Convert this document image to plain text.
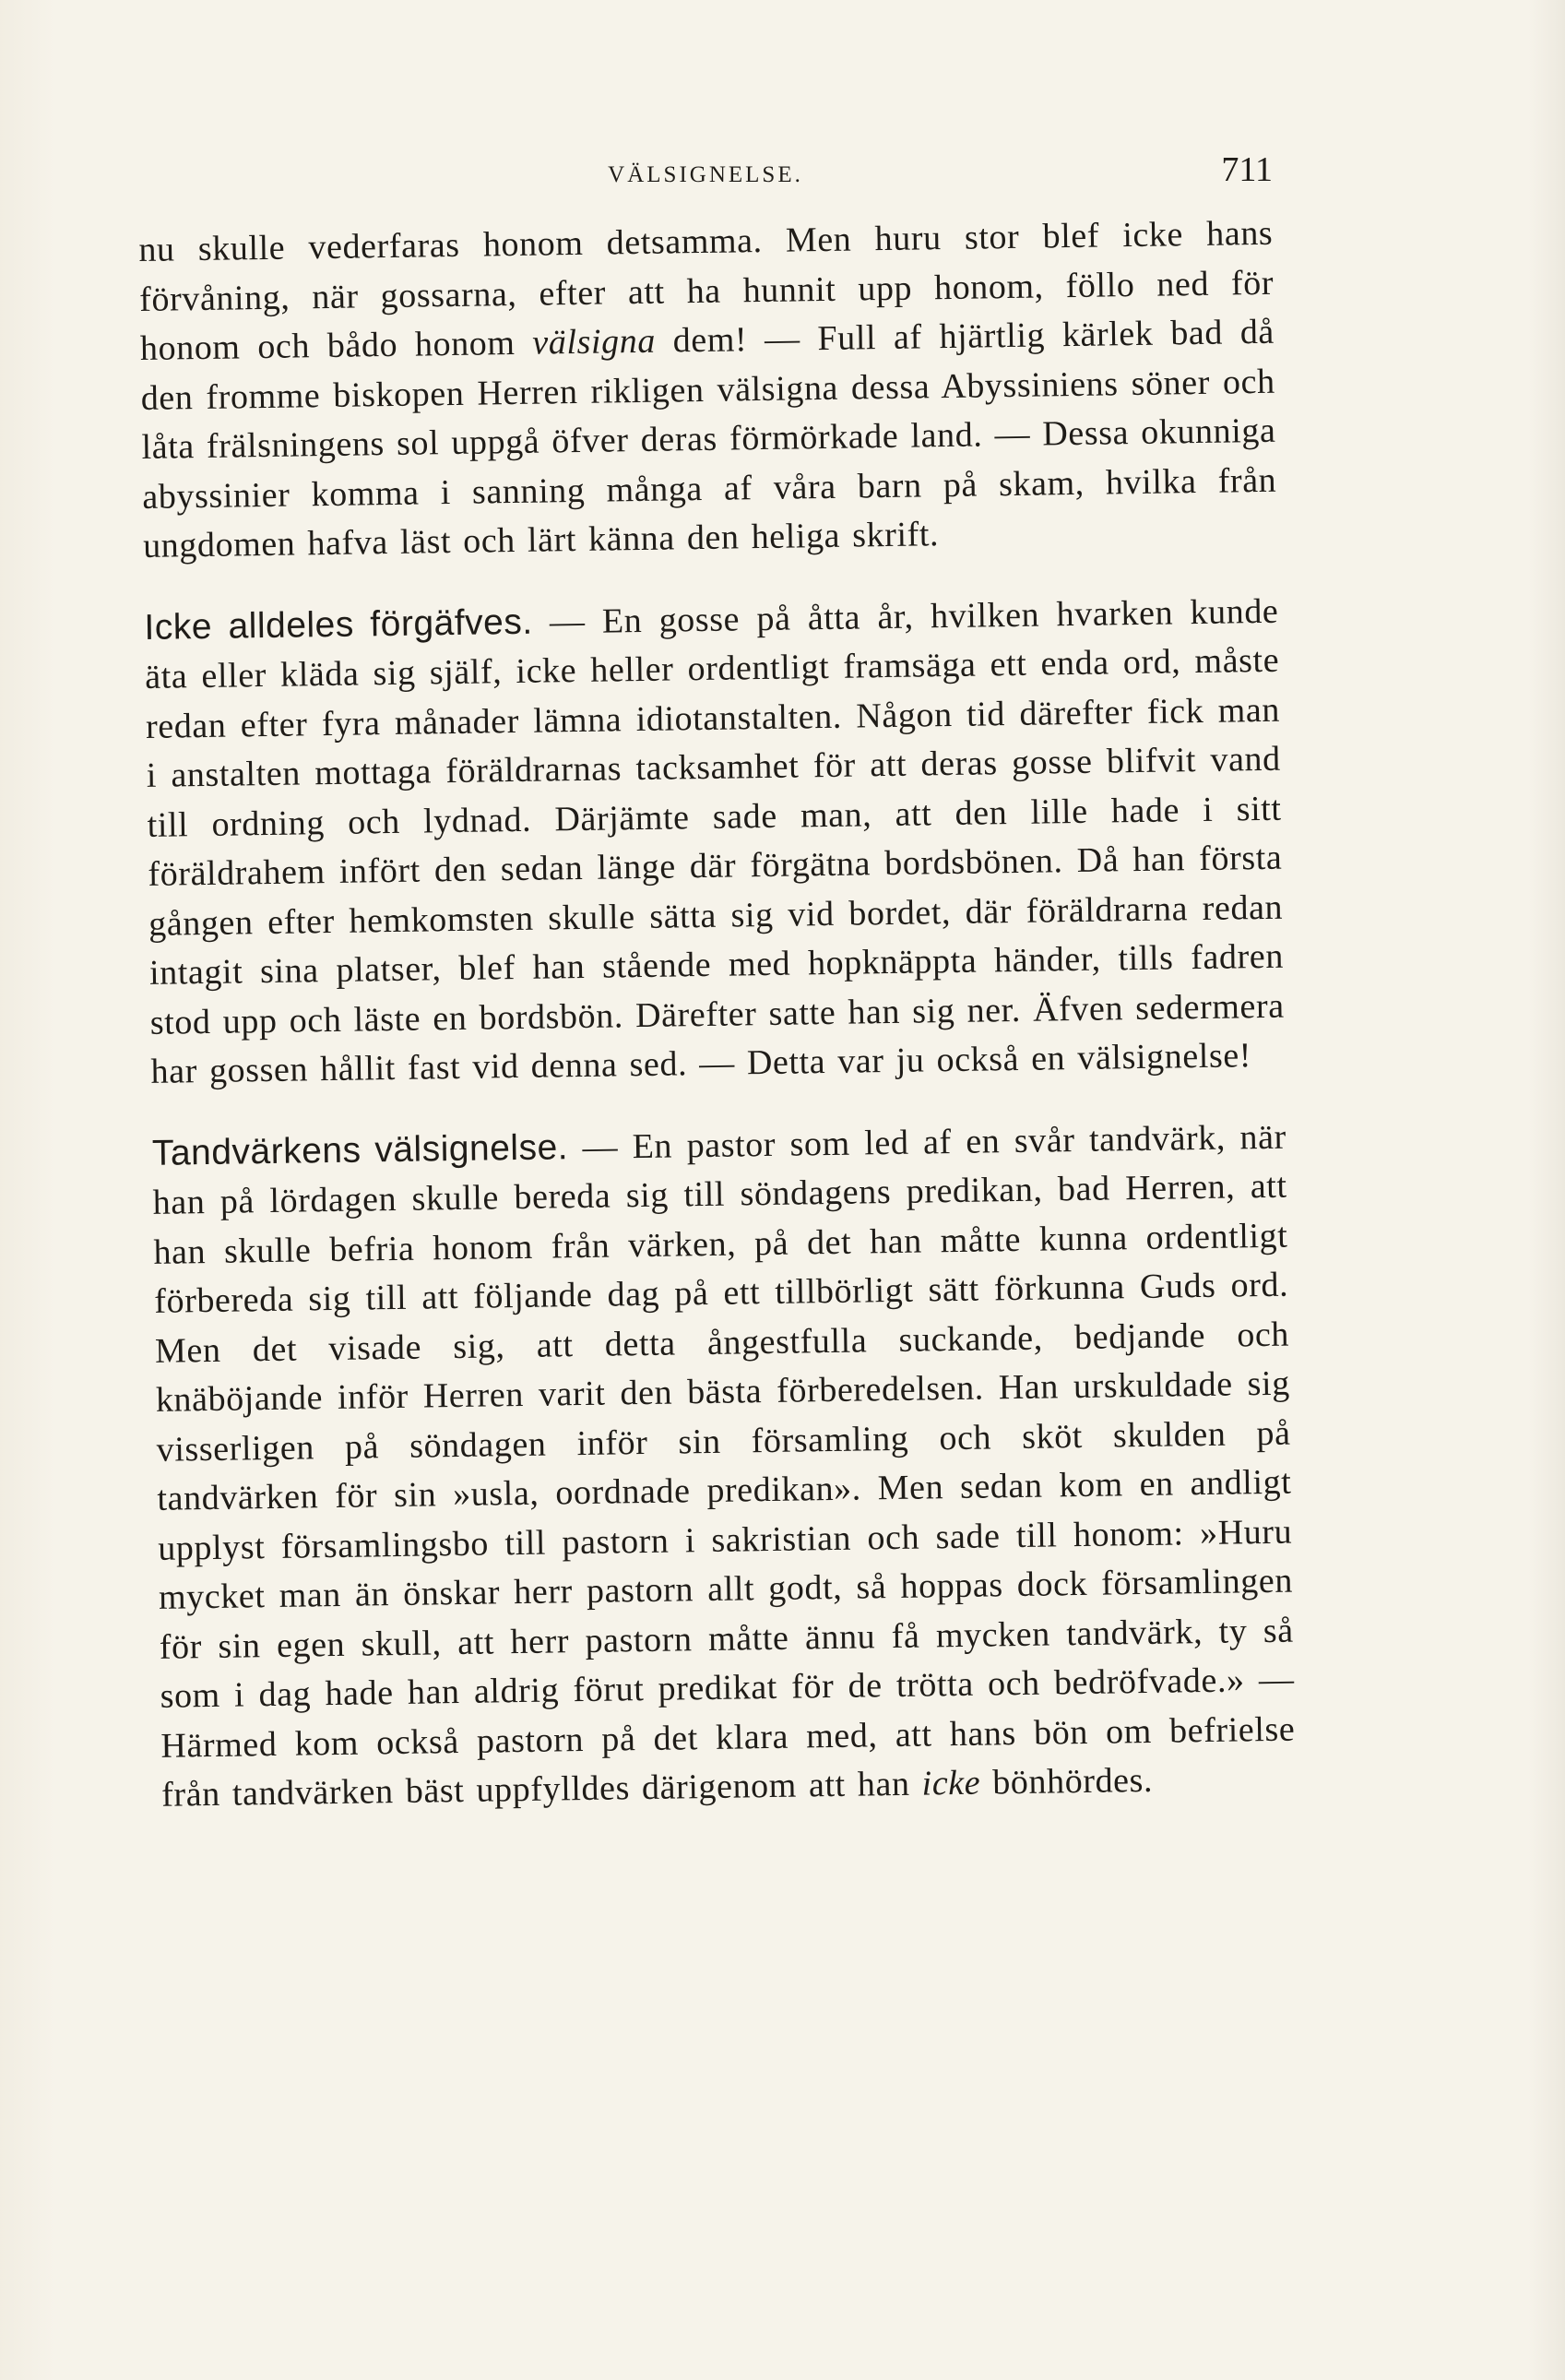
VÄLSIGNELSE.	711

nu skulle vederfaras honom detsamma. Men huru stor blef icke hans förvåning, när gossarna, efter att ha hunnit upp honom, föllo ned för honom och bådo honom välsigna dem! — Full af hjärtlig kärlek bad då den fromme biskopen Herren rikligen välsigna dessa Abyssiniens söner och låta frälsningens sol uppgå öfver deras förmörkade land. — Dessa okunniga abyssinier komma i sanning många af våra barn på skam, hvilka från ungdomen hafva läst och lärt känna den heliga skrift.

Icke alldeles förgäfves. — En gosse på åtta år, hvilken hvarken kunde äta eller kläda sig själf, icke heller ordentligt framsäga ett enda ord, måste redan efter fyra månader lämna idiotanstalten. Någon tid därefter fick man i anstalten mottaga föräldrarnas tacksamhet för att deras gosse blifvit vand till ordning och lydnad. Därjämte sade man, att den lille hade i sitt föräldrahem infört den sedan länge där förgätna bordsbönen. Då han första gången efter hemkomsten skulle sätta sig vid bordet, där föräldrarna redan intagit sina platser, blef han stående med hopknäppta händer, tills fadren stod upp och läste en bordsbön. Därefter satte han sig ner. Äfven sedermera har gossen hållit fast vid denna sed. — Detta var ju också en välsignelse!

Tandvärkens välsignelse. — En pastor som led af en svår tandvärk, när han på lördagen skulle bereda sig till söndagens predikan, bad Herren, att han skulle befria honom från värken, på det han måtte kunna ordentligt förbereda sig till att följande dag på ett tillbörligt sätt förkunna Guds ord. Men det visade sig, att detta ångestfulla suckande, bedjande och knäböjande inför Herren varit den bästa förberedelsen. Han urskuldade sig visserligen på söndagen inför sin församling och sköt skulden på tandvärken för sin »usla, oordnade predikan». Men sedan kom en andligt upplyst församlingsbo till pastorn i sakristian och sade till honom: »Huru mycket man än önskar herr pastorn allt godt, så hoppas dock församlingen för sin egen skull, att herr pastorn måtte ännu få mycken tandvärk, ty så som i dag hade han aldrig förut predikat för de trötta och bedröfvade.» — Härmed kom också pastorn på det klara med, att hans bön om befrielse från tandvärken bäst uppfylldes därigenom att han icke bönhördes.
